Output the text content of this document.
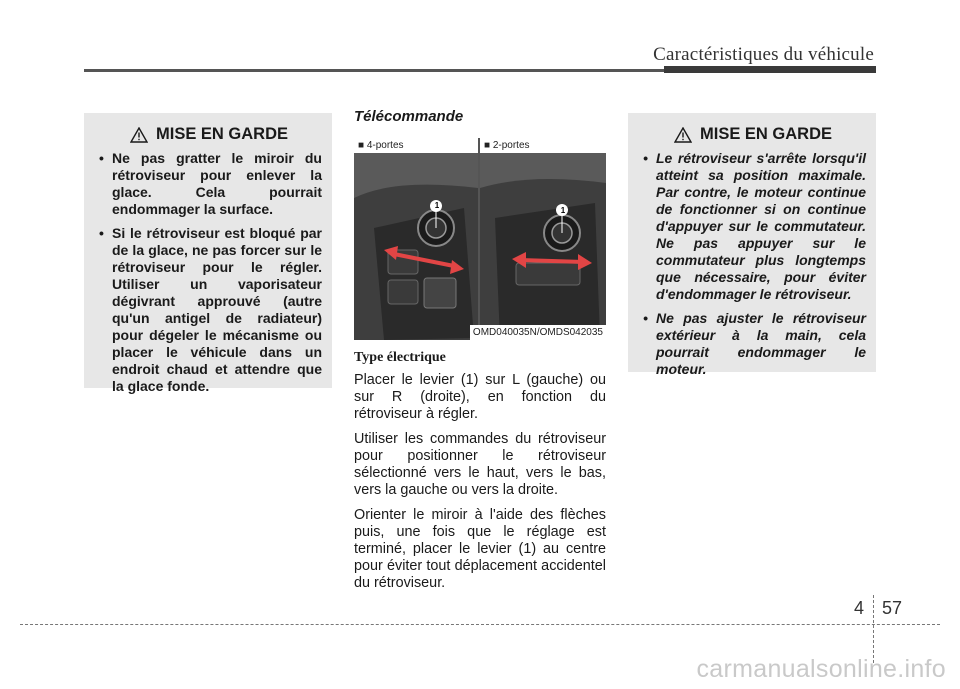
Caractéristiques du véhicule
MISE EN GARDE
• Ne pas gratter le miroir du rétroviseur pour enlever la glace. Cela pourrait endommager la surface.
• Si le rétroviseur est bloqué par de la glace, ne pas forcer sur le rétroviseur pour le régler. Utiliser un vaporisateur dégivrant approuvé (autre qu'un antigel de radiateur) pour dégeler le mécanisme ou placer le véhicule dans un endroit chaud et attendre que la glace fonde.
Télécommande
■ 4-portes	■ 2-portes
1
1
OMD040035N/OMDS042035
Type électrique

Placer le levier (1) sur L (gauche) ou sur R (droite), en fonction du rétroviseur à régler.

Utiliser les commandes du rétroviseur pour positionner le rétroviseur sélectionné vers le haut, vers le bas, vers la gauche ou vers la droite.

Orienter le miroir à l'aide des flèches puis, une fois que le réglage est terminé, placer le levier (1) au centre pour éviter tout déplacement accidentel du rétroviseur.

MISE EN GARDE
• Le rétroviseur s'arrête lorsqu'il atteint sa position maximale. Par contre, le moteur continue de fonctionner si on continue d'appuyer sur le commutateur. Ne pas appuyer sur le commutateur plus longtemps que nécessaire, pour éviter d'endommager le rétroviseur.
• Ne pas ajuster le rétroviseur extérieur à la main, cela pourrait endommager le moteur.
4 57
carmanualsonline.info
